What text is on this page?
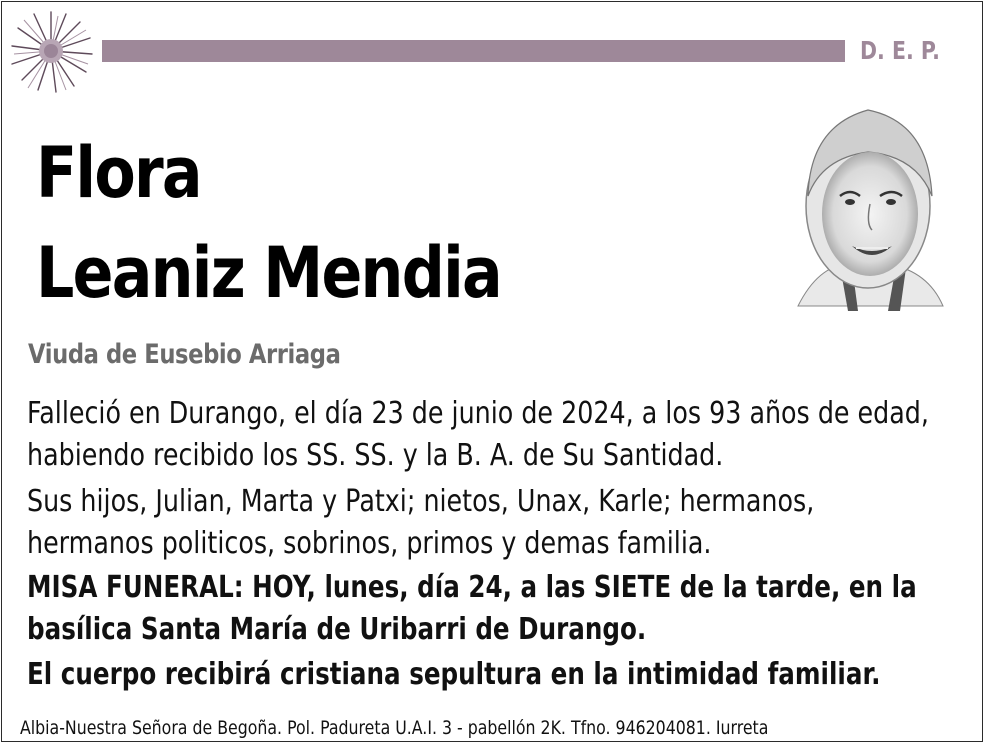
D. E. P.
Flora
Leaniz Mendia
Viuda de Eusebio Arriaga
Falleció en Durango, el día 23 de junio de 2024, a los 93 años de edad,
habiendo recibido los SS. SS. y la B. A. de Su Santidad.
Sus hijos, Julian, Marta y Patxi; nietos, Unax, Karle; hermanos,
hermanos politicos, sobrinos, primos y demas familia.
MISA FUNERAL: HOY, lunes, día 24, a las SIETE de la tarde, en la
basílica Santa María de Uribarri de Durango.
El cuerpo recibirá cristiana sepultura en la intimidad familiar.
Albia-Nuestra Señora de Begoña. Pol. Padureta U.A.I. 3 - pabellón 2K. Tfno. 946204081. Iurreta
